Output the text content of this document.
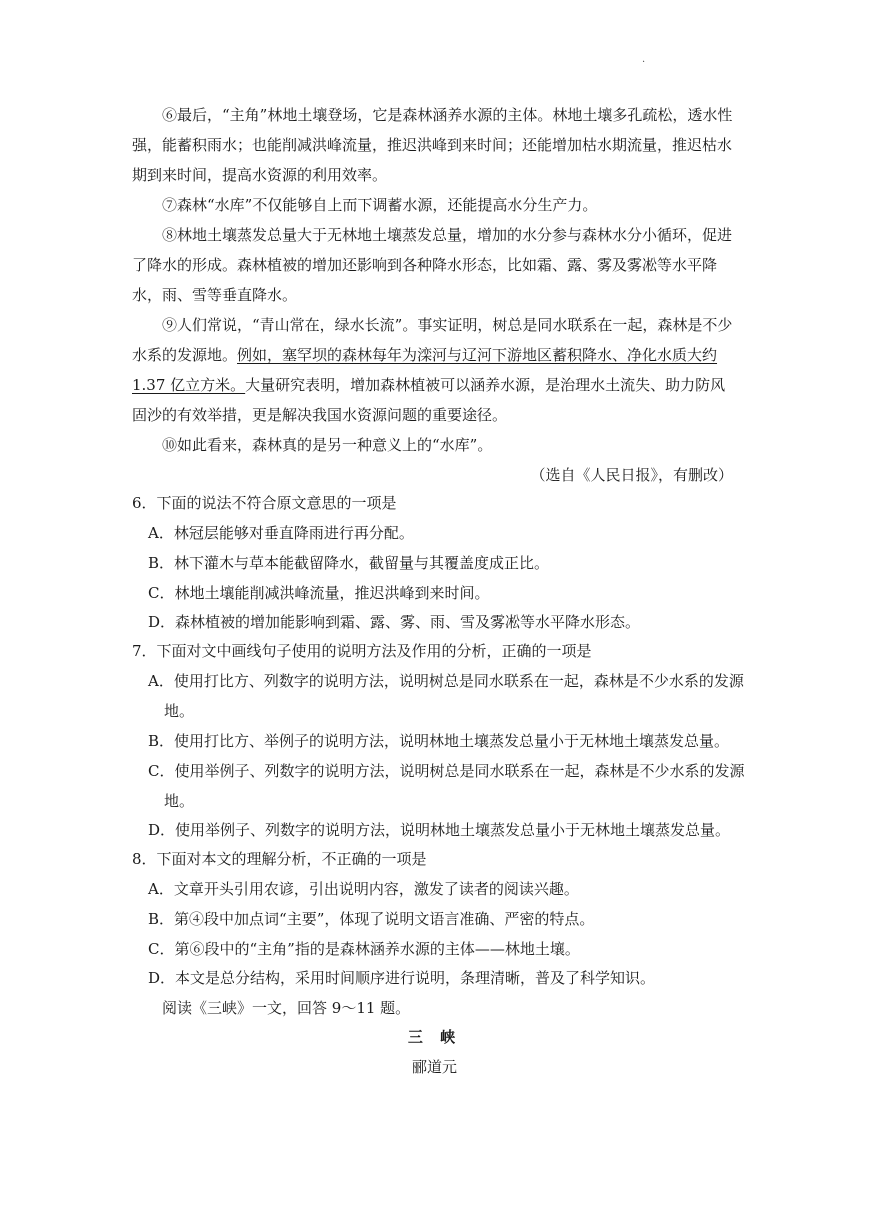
·

⑥最后，“主角”林地土壤登场，它是森林涵养水源的主体。林地土壤多孔疏松，透水性强，能蓄积雨水；也能削减洪峰流量，推迟洪峰到来时间；还能增加枯水期流量，推迟枯水期到来时间，提高水资源的利用效率。

⑦森林“水库”不仅能够自上而下调蓄水源，还能提高水分生产力。

⑧林地土壤蒸发总量大于无林地土壤蒸发总量，增加的水分参与森林水分小循环，促进了降水的形成。森林植被的增加还影响到各种降水形态，比如霜、露、雾及雾凇等水平降水，雨、雪等垂直降水。

⑨人们常说，“青山常在，绿水长流”。事实证明，树总是同水联系在一起，森林是不少水系的发源地。例如，塞罕坝的森林每年为滦河与辽河下游地区蓄积降水、净化水质大约1.37 亿立方米。大量研究表明，增加森林植被可以涵养水源，是治理水土流失、助力防风固沙的有效举措，更是解决我国水资源问题的重要途径。

⑩如此看来，森林真的是另一种意义上的“水库”。

（选自《人民日报》，有删改）

6．下面的说法不符合原文意思的一项是

A．林冠层能够对垂直降雨进行再分配。

B．林下灌木与草本能截留降水，截留量与其覆盖度成正比。

C．林地土壤能削减洪峰流量，推迟洪峰到来时间。

D．森林植被的增加能影响到霜、露、雾、雨、雪及雾凇等水平降水形态。

7．下面对文中画线句子使用的说明方法及作用的分析，正确的一项是

A．使用打比方、列数字的说明方法，说明树总是同水联系在一起，森林是不少水系的发源地。

B．使用打比方、举例子的说明方法，说明林地土壤蒸发总量小于无林地土壤蒸发总量。

C．使用举例子、列数字的说明方法，说明树总是同水联系在一起，森林是不少水系的发源地。

D．使用举例子、列数字的说明方法，说明林地土壤蒸发总量小于无林地土壤蒸发总量。

8．下面对本文的理解分析，不正确的一项是

A．文章开头引用农谚，引出说明内容，激发了读者的阅读兴趣。

B．第④段中加点词“主要”，体现了说明文语言准确、严密的特点。

C．第⑥段中的“主角”指的是森林涵养水源的主体——林地土壤。

D．本文是总分结构，采用时间顺序进行说明，条理清晰，普及了科学知识。

阅读《三峡》一文，回答 9～11 题。

三 峡

郦道元
